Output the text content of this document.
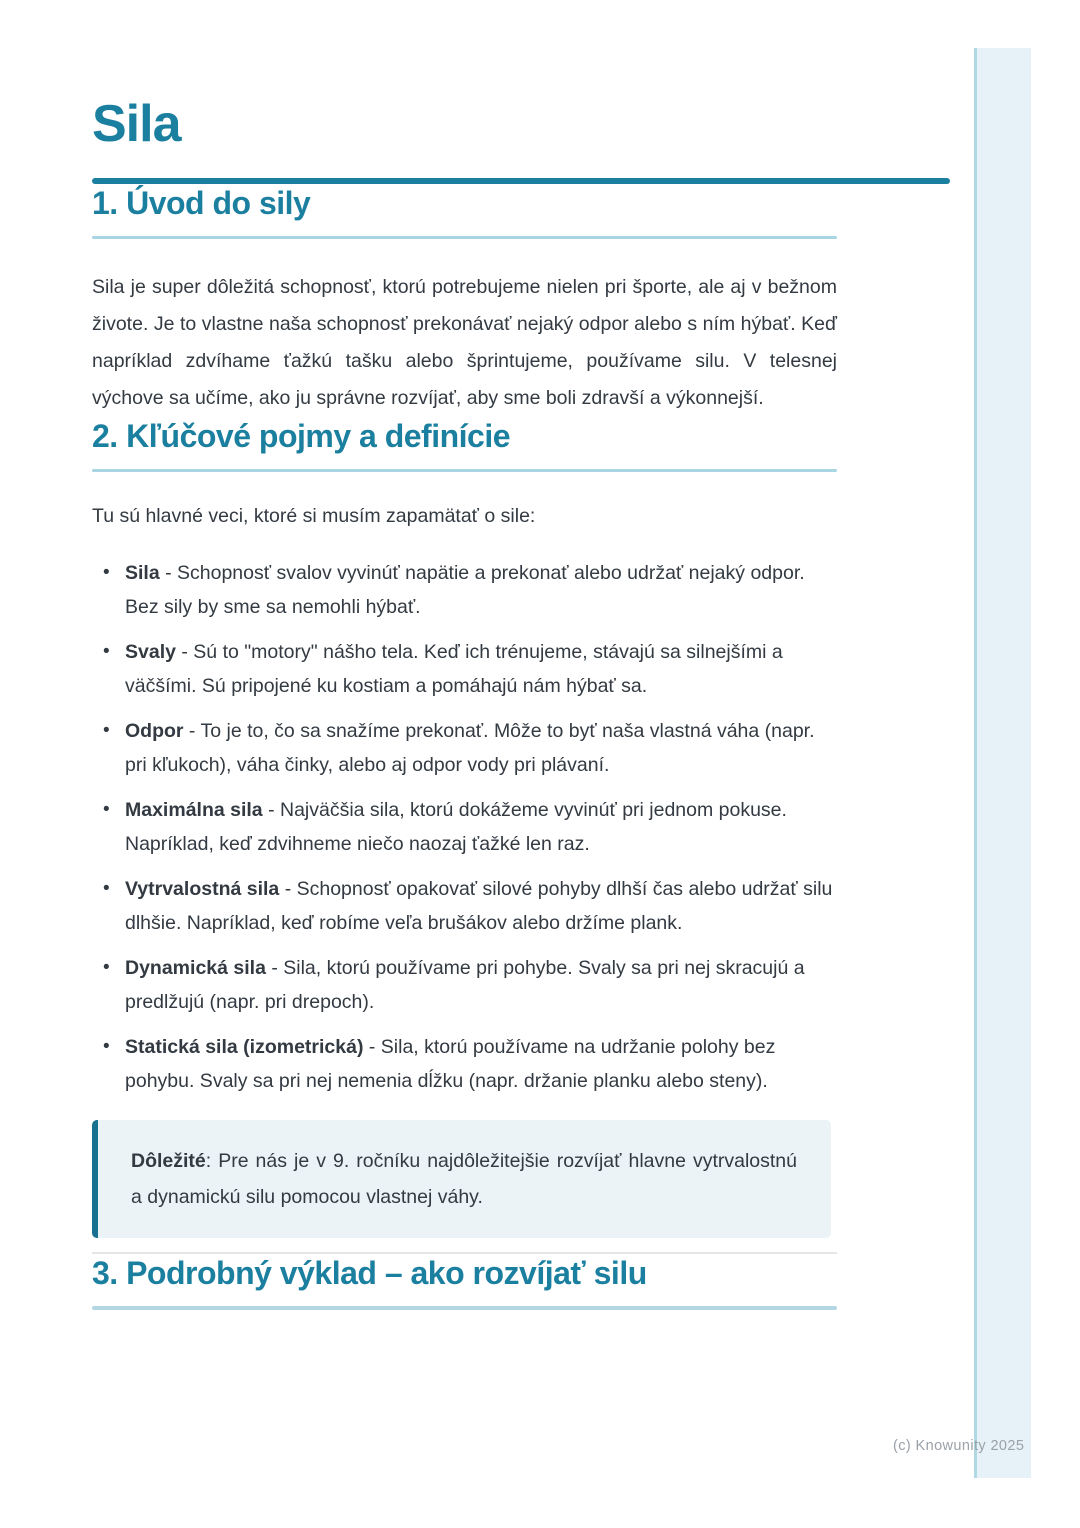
Sila
1. Úvod do sily

Sila je super dôležitá schopnosť, ktorú potrebujeme nielen pri športe, ale aj v bežnom živote. Je to vlastne naša schopnosť prekonávať nejaký odpor alebo s ním hýbať. Keď napríklad zdvíhame ťažkú tašku alebo šprintujeme, používame silu. V telesnej výchove sa učíme, ako ju správne rozvíjať, aby sme boli zdravší a výkonnejší.

2. Kľúčové pojmy a definície

Tu sú hlavné veci, ktoré si musím zapamätať o sile:

• Sila - Schopnosť svalov vyvinúť napätie a prekonať alebo udržať nejaký odpor. Bez sily by sme sa nemohli hýbať.
• Svaly - Sú to "motory" nášho tela. Keď ich trénujeme, stávajú sa silnejšími a väčšími. Sú pripojené ku kostiam a pomáhajú nám hýbať sa.
• Odpor - To je to, čo sa snažíme prekonať. Môže to byť naša vlastná váha (napr. pri kľukoch), váha činky, alebo aj odpor vody pri plávaní.
• Maximálna sila - Najväčšia sila, ktorú dokážeme vyvinúť pri jednom pokuse. Napríklad, keď zdvihneme niečo naozaj ťažké len raz.
• Vytrvalostná sila - Schopnosť opakovať silové pohyby dlhší čas alebo udržať silu dlhšie. Napríklad, keď robíme veľa brušákov alebo držíme plank.
• Dynamická sila - Sila, ktorú používame pri pohybe. Svaly sa pri nej skracujú a predlžujú (napr. pri drepoch).
• Statická sila (izometrická) - Sila, ktorú používame na udržanie polohy bez pohybu. Svaly sa pri nej nemenia dĺžku (napr. držanie planku alebo steny).

Dôležité: Pre nás je v 9. ročníku najdôležitejšie rozvíjať hlavne vytrvalostnú a dynamickú silu pomocou vlastnej váhy.

3. Podrobný výklad – ako rozvíjať silu
(c) Knowunity 2025
